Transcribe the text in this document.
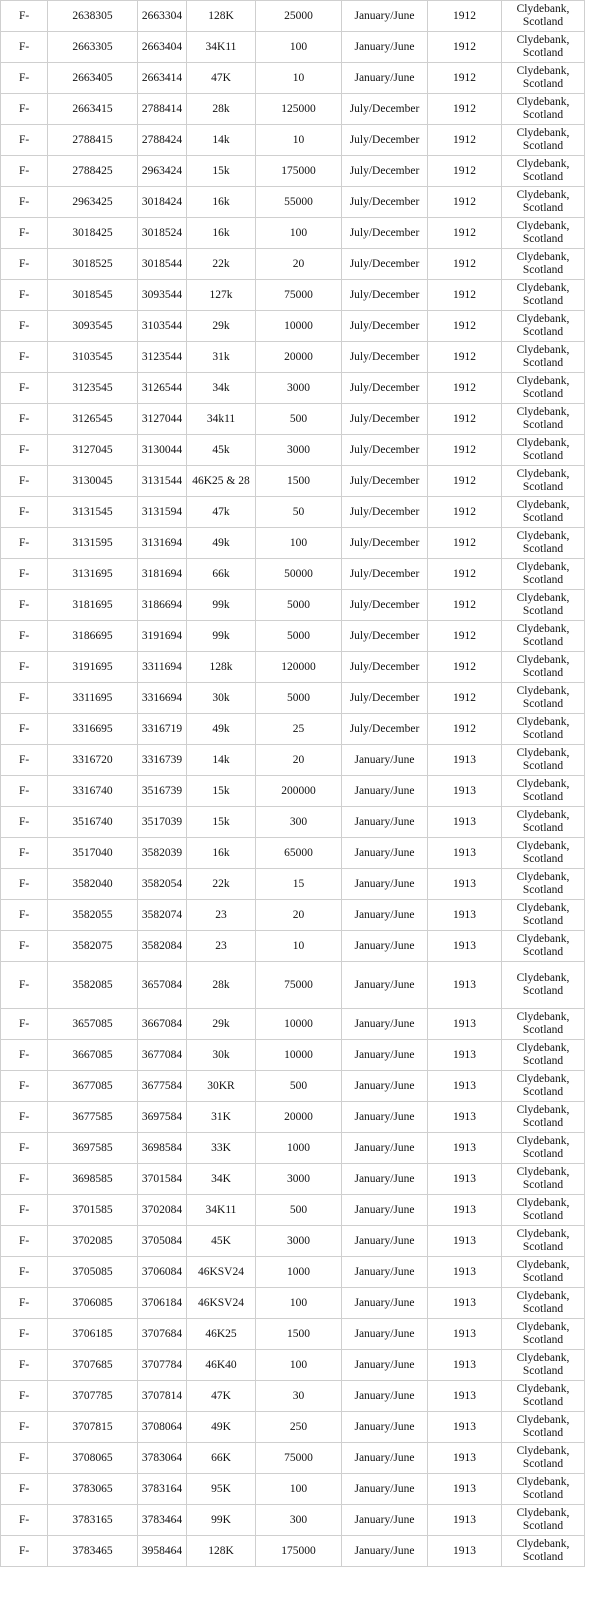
F-	2638305	2663304	128K	25000	January/June	1912	Clydebank, Scotland
F-	2663305	2663404	34K11	100	January/June	1912	Clydebank, Scotland
F-	2663405	2663414	47K	10	January/June	1912	Clydebank, Scotland
F-	2663415	2788414	28k	125000	July/December	1912	Clydebank, Scotland
F-	2788415	2788424	14k	10	July/December	1912	Clydebank, Scotland
F-	2788425	2963424	15k	175000	July/December	1912	Clydebank, Scotland
F-	2963425	3018424	16k	55000	July/December	1912	Clydebank, Scotland
F-	3018425	3018524	16k	100	July/December	1912	Clydebank, Scotland
F-	3018525	3018544	22k	20	July/December	1912	Clydebank, Scotland
F-	3018545	3093544	127k	75000	July/December	1912	Clydebank, Scotland
F-	3093545	3103544	29k	10000	July/December	1912	Clydebank, Scotland
F-	3103545	3123544	31k	20000	July/December	1912	Clydebank, Scotland
F-	3123545	3126544	34k	3000	July/December	1912	Clydebank, Scotland
F-	3126545	3127044	34k11	500	July/December	1912	Clydebank, Scotland
F-	3127045	3130044	45k	3000	July/December	1912	Clydebank, Scotland
F-	3130045	3131544	46K25 & 28	1500	July/December	1912	Clydebank, Scotland
F-	3131545	3131594	47k	50	July/December	1912	Clydebank, Scotland
F-	3131595	3131694	49k	100	July/December	1912	Clydebank, Scotland
F-	3131695	3181694	66k	50000	July/December	1912	Clydebank, Scotland
F-	3181695	3186694	99k	5000	July/December	1912	Clydebank, Scotland
F-	3186695	3191694	99k	5000	July/December	1912	Clydebank, Scotland
F-	3191695	3311694	128k	120000	July/December	1912	Clydebank, Scotland
F-	3311695	3316694	30k	5000	July/December	1912	Clydebank, Scotland
F-	3316695	3316719	49k	25	July/December	1912	Clydebank, Scotland
F-	3316720	3316739	14k	20	January/June	1913	Clydebank, Scotland
F-	3316740	3516739	15k	200000	January/June	1913	Clydebank, Scotland
F-	3516740	3517039	15k	300	January/June	1913	Clydebank, Scotland
F-	3517040	3582039	16k	65000	January/June	1913	Clydebank, Scotland
F-	3582040	3582054	22k	15	January/June	1913	Clydebank, Scotland
F-	3582055	3582074	23	20	January/June	1913	Clydebank, Scotland
F-	3582075	3582084	23	10	January/June	1913	Clydebank, Scotland
F-	3582085	3657084	28k	75000	January/June	1913	Clydebank, Scotland
F-	3657085	3667084	29k	10000	January/June	1913	Clydebank, Scotland
F-	3667085	3677084	30k	10000	January/June	1913	Clydebank, Scotland
F-	3677085	3677584	30KR	500	January/June	1913	Clydebank, Scotland
F-	3677585	3697584	31K	20000	January/June	1913	Clydebank, Scotland
F-	3697585	3698584	33K	1000	January/June	1913	Clydebank, Scotland
F-	3698585	3701584	34K	3000	January/June	1913	Clydebank, Scotland
F-	3701585	3702084	34K11	500	January/June	1913	Clydebank, Scotland
F-	3702085	3705084	45K	3000	January/June	1913	Clydebank, Scotland
F-	3705085	3706084	46KSV24	1000	January/June	1913	Clydebank, Scotland
F-	3706085	3706184	46KSV24	100	January/June	1913	Clydebank, Scotland
F-	3706185	3707684	46K25	1500	January/June	1913	Clydebank, Scotland
F-	3707685	3707784	46K40	100	January/June	1913	Clydebank, Scotland
F-	3707785	3707814	47K	30	January/June	1913	Clydebank, Scotland
F-	3707815	3708064	49K	250	January/June	1913	Clydebank, Scotland
F-	3708065	3783064	66K	75000	January/June	1913	Clydebank, Scotland
F-	3783065	3783164	95K	100	January/June	1913	Clydebank, Scotland
F-	3783165	3783464	99K	300	January/June	1913	Clydebank, Scotland
F-	3783465	3958464	128K	175000	January/June	1913	Clydebank, Scotland
